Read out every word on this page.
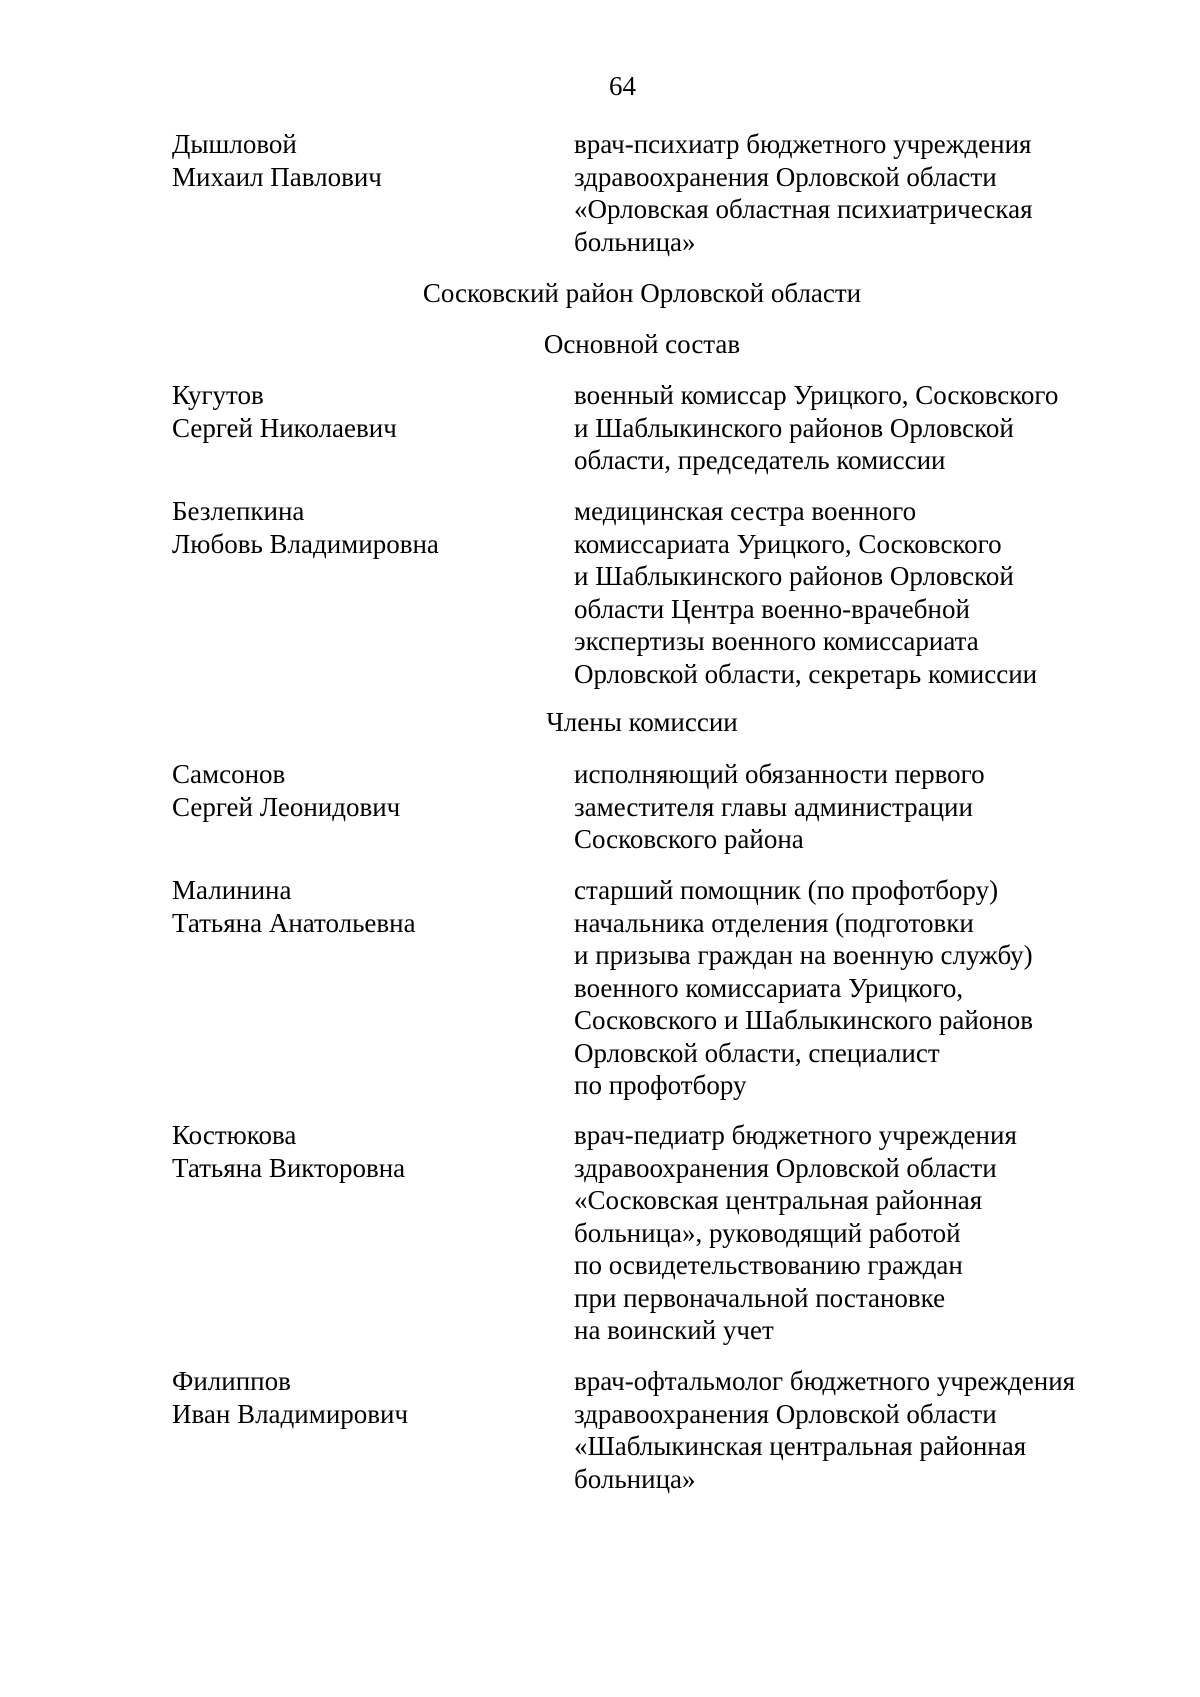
64
Дышловой
Михаил Павлович
врач-психиатр бюджетного учреждения
здравоохранения Орловской области
«Орловская областная психиатрическая
больница»
Сосковский район Орловской области
Основной состав
Кугутов
Сергей Николаевич
военный комиссар Урицкого, Сосковского
и Шаблыкинского районов Орловской
области, председатель комиссии
Безлепкина
Любовь Владимировна
медицинская сестра военного
комиссариата Урицкого, Сосковского
и Шаблыкинского районов Орловской
области Центра военно-врачебной
экспертизы военного комиссариата
Орловской области, секретарь комиссии
Члены комиссии
Самсонов
Сергей Леонидович
исполняющий обязанности первого
заместителя главы администрации
Сосковского района
Малинина
Татьяна Анатольевна
старший помощник (по профотбору)
начальника отделения (подготовки
и призыва граждан на военную службу)
военного комиссариата Урицкого,
Сосковского и Шаблыкинского районов
Орловской области, специалист
по профотбору
Костюкова
Татьяна Викторовна
врач-педиатр бюджетного учреждения
здравоохранения Орловской области
«Сосковская центральная районная
больница», руководящий работой
по освидетельствованию граждан
при первоначальной постановке
на воинский учет
Филиппов
Иван Владимирович
врач-офтальмолог бюджетного учреждения
здравоохранения Орловской области
«Шаблыкинская центральная районная
больница»
